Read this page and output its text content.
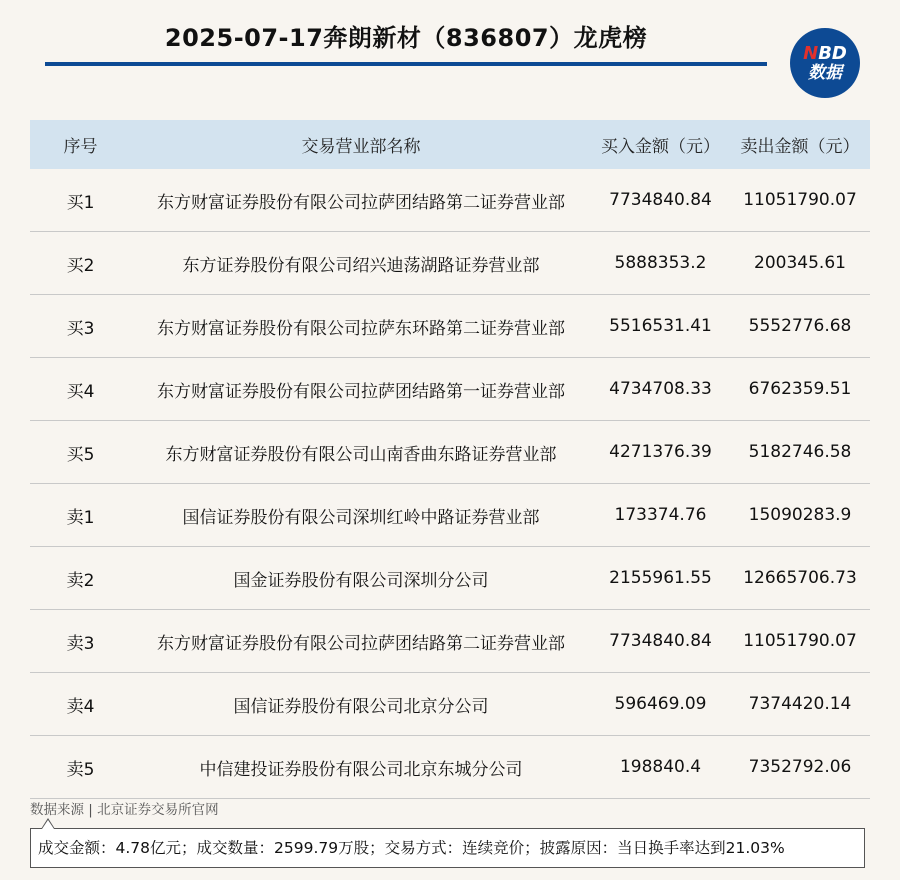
2025-07-17奔朗新材（836807）龙虎榜
NBD
数据
序号	交易营业部名称	买入金额（元）	卖出金额（元）
买1	东方财富证券股份有限公司拉萨团结路第二证券营业部	7734840.84	11051790.07
买2	东方证券股份有限公司绍兴迪荡湖路证券营业部	5888353.2	200345.61
买3	东方财富证券股份有限公司拉萨东环路第二证券营业部	5516531.41	5552776.68
买4	东方财富证券股份有限公司拉萨团结路第一证券营业部	4734708.33	6762359.51
买5	东方财富证券股份有限公司山南香曲东路证券营业部	4271376.39	5182746.58
卖1	国信证券股份有限公司深圳红岭中路证券营业部	173374.76	15090283.9
卖2	国金证券股份有限公司深圳分公司	2155961.55	12665706.73
卖3	东方财富证券股份有限公司拉萨团结路第二证券营业部	7734840.84	11051790.07
卖4	国信证券股份有限公司北京分公司	596469.09	7374420.14
卖5	中信建投证券股份有限公司北京东城分公司	198840.4	7352792.06
数据来源 | 北京证券交易所官网
成交金额：4.78亿元；成交数量：2599.79万股；交易方式：连续竞价；披露原因：当日换手率达到21.03%
